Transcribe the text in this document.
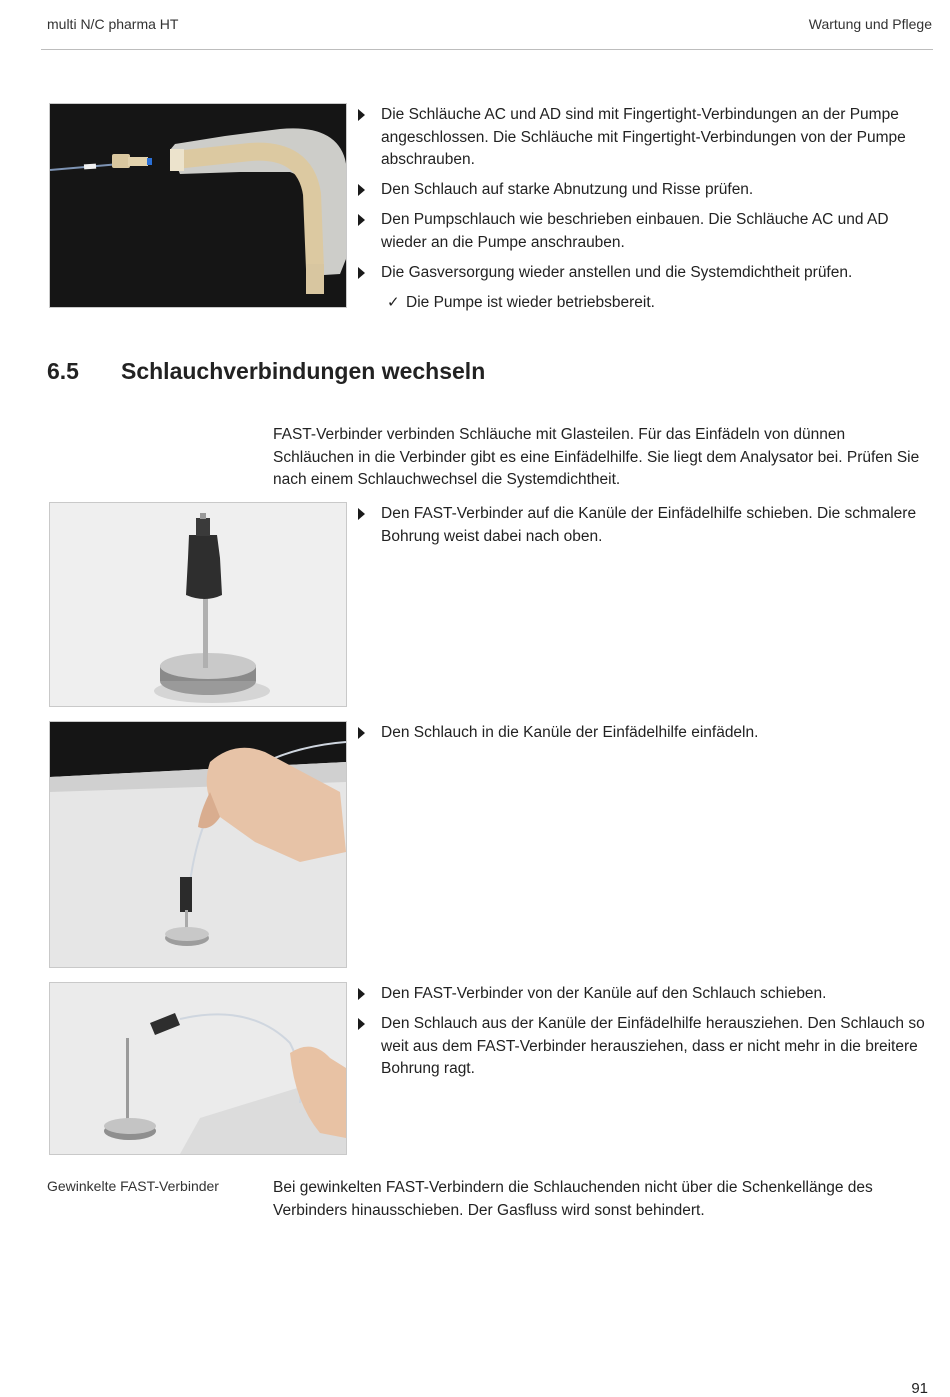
multi N/C pharma HT	Wartung und Pflege
Die Schläuche AC und AD sind mit Fingertight-Verbindungen an der Pumpe angeschlossen. Die Schläuche mit Fingertight-Verbindungen von der Pumpe abschrauben.
Den Schlauch auf starke Abnutzung und Risse prüfen.
Den Pumpschlauch wie beschrieben einbauen. Die Schläuche AC und AD wieder an die Pumpe anschrauben.
Die Gasversorgung wieder anstellen und die Systemdichtheit prüfen.
✓ Die Pumpe ist wieder betriebsbereit.
6.5 Schlauchverbindungen wechseln
FAST-Verbinder verbinden Schläuche mit Glasteilen. Für das Einfädeln von dünnen Schläuchen in die Verbinder gibt es eine Einfädelhilfe. Sie liegt dem Analysator bei. Prüfen Sie nach einem Schlauchwechsel die Systemdichtheit.
Den FAST-Verbinder auf die Kanüle der Einfädelhilfe schieben. Die schmalere Bohrung weist dabei nach oben.
Den Schlauch in die Kanüle der Einfädelhilfe einfädeln.
Den FAST-Verbinder von der Kanüle auf den Schlauch schieben.
Den Schlauch aus der Kanüle der Einfädelhilfe herausziehen. Den Schlauch so weit aus dem FAST-Verbinder herausziehen, dass er nicht mehr in die breitere Bohrung ragt.
Gewinkelte FAST-Verbinder	Bei gewinkelten FAST-Verbindern die Schlauchenden nicht über die Schenkellänge des Verbinders hinausschieben. Der Gasfluss wird sonst behindert.
91
